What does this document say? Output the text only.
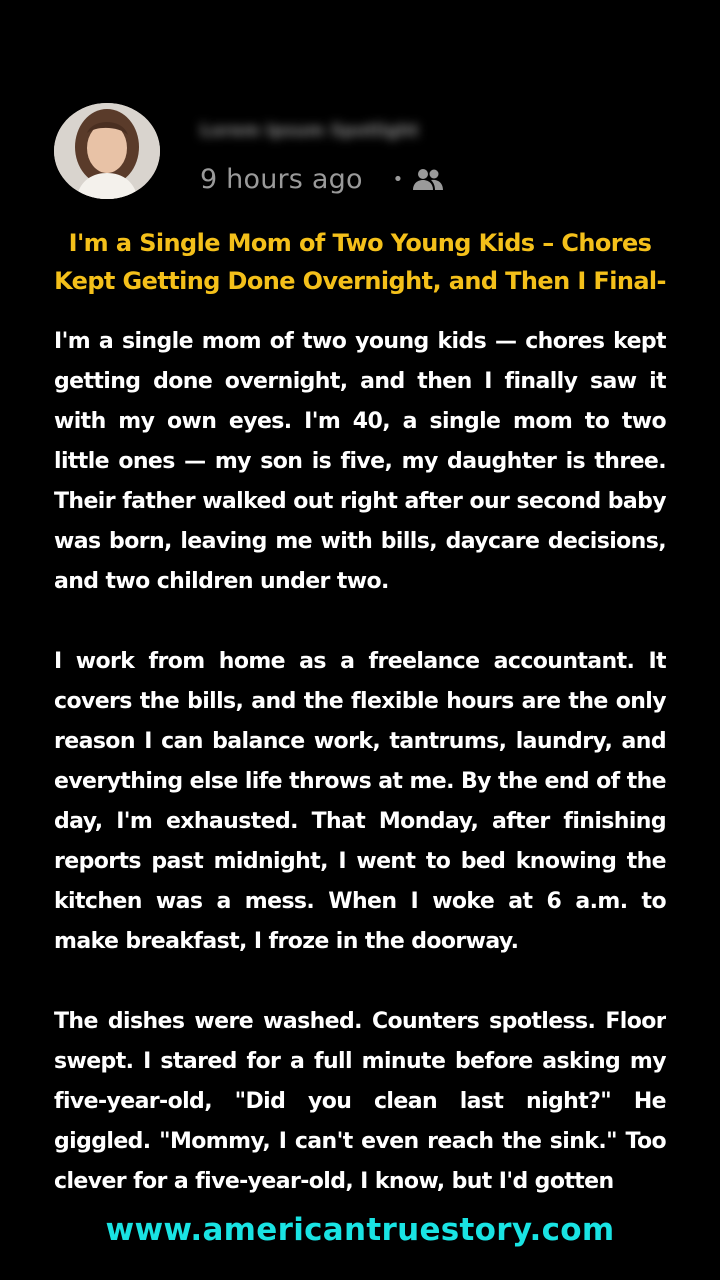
Lorem Ipsum Spotlight
9 hours ago •
I'm a Single Mom of Two Young Kids – Chores Kept Getting Done Overnight, and Then I Final-

I'm a single mom of two young kids — chores kept getting done overnight, and then I finally saw it with my own eyes. I'm 40, a single mom to two little ones — my son is five, my daughter is three. Their father walked out right after our second baby was born, leaving me with bills, daycare decisions, and two children under two.

I work from home as a freelance accountant. It covers the bills, and the flexible hours are the only reason I can balance work, tantrums, laundry, and everything else life throws at me. By the end of the day, I'm exhausted. That Monday, after finishing reports past midnight, I went to bed knowing the kitchen was a mess. When I woke at 6 a.m. to make breakfast, I froze in the doorway.

The dishes were washed. Counters spotless. Floor swept. I stared for a full minute before asking my five-year-old, "Did you clean last night?" He giggled. "Mommy, I can't even reach the sink." Too clever for a five-year-old, I know, but I'd gotten

www.americantruestory.com
